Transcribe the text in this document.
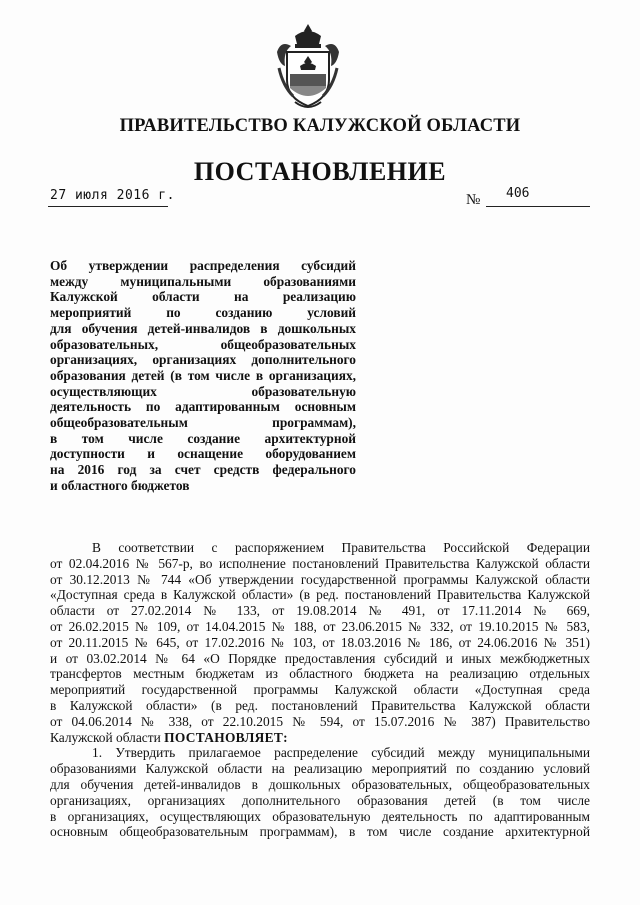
ПРАВИТЕЛЬСТВО КАЛУЖСКОЙ ОБЛАСТИ
ПОСТАНОВЛЕНИЕ
27 июля 2016 г.	№ 406
Об утверждении распределения субсидий
между муниципальными образованиями
Калужской области на реализацию
мероприятий по созданию условий
для обучения детей-инвалидов в дошкольных
образовательных, общеобразовательных
организациях, организациях дополнительного
образования детей (в том числе в организациях,
осуществляющих образовательную
деятельность по адаптированным основным
общеобразовательным программам),
в том числе создание архитектурной
доступности и оснащение оборудованием
на 2016 год за счет средств федерального
и областного бюджетов
В соответствии с распоряжением Правительства Российской Федерации
от 02.04.2016 № 567-р, во исполнение постановлений Правительства Калужской области
от 30.12.2013 № 744 «Об утверждении государственной программы Калужской области
«Доступная среда в Калужской области» (в ред. постановлений Правительства Калужской
области от 27.02.2014 № 133, от 19.08.2014 № 491, от 17.11.2014 № 669,
от 26.02.2015 № 109, от 14.04.2015 № 188, от 23.06.2015 № 332, от 19.10.2015 № 583,
от 20.11.2015 № 645, от 17.02.2016 № 103, от 18.03.2016 № 186, от 24.06.2016 № 351)
и от 03.02.2014 № 64 «О Порядке предоставления субсидий и иных межбюджетных
трансфертов местным бюджетам из областного бюджета на реализацию отдельных
мероприятий государственной программы Калужской области «Доступная среда
в Калужской области» (в ред. постановлений Правительства Калужской области
от 04.06.2014 № 338, от 22.10.2015 № 594, от 15.07.2016 № 387) Правительство
Калужской области ПОСТАНОВЛЯЕТ:
1. Утвердить прилагаемое распределение субсидий между муниципальными
образованиями Калужской области на реализацию мероприятий по созданию условий
для обучения детей-инвалидов в дошкольных образовательных, общеобразовательных
организациях, организациях дополнительного образования детей (в том числе
в организациях, осуществляющих образовательную деятельность по адаптированным
основным общеобразовательным программам), в том числе создание архитектурной
